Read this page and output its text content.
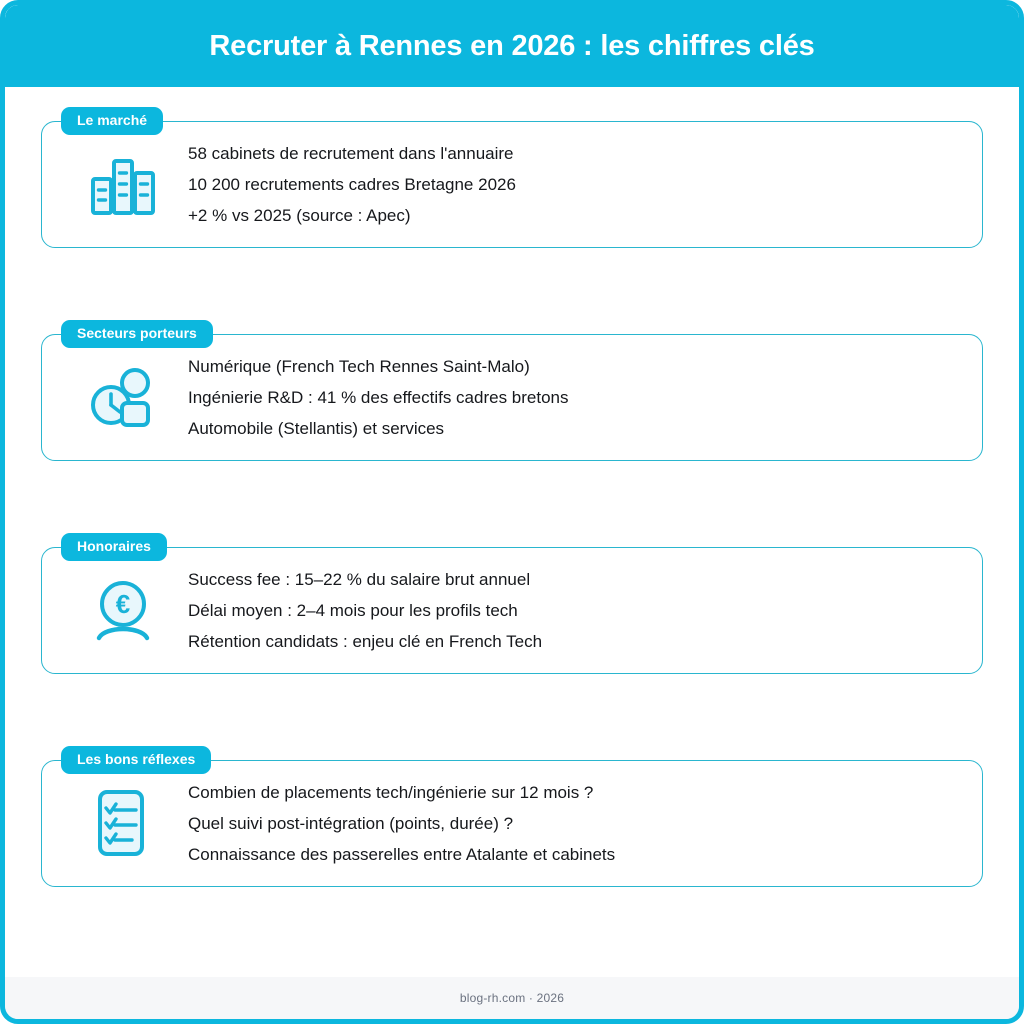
Recruter à Rennes en 2026 : les chiffres clés
Le marché
58 cabinets de recrutement dans l'annuaire
10 200 recrutements cadres Bretagne 2026
+2 % vs 2025 (source : Apec)
Secteurs porteurs
Numérique (French Tech Rennes Saint-Malo)
Ingénierie R&D : 41 % des effectifs cadres bretons
Automobile (Stellantis) et services
Honoraires
€
Success fee : 15–22 % du salaire brut annuel
Délai moyen : 2–4 mois pour les profils tech
Rétention candidats : enjeu clé en French Tech
Les bons réflexes
Combien de placements tech/ingénierie sur 12 mois ?
Quel suivi post-intégration (points, durée) ?
Connaissance des passerelles entre Atalante et cabinets
blog-rh.com · 2026
